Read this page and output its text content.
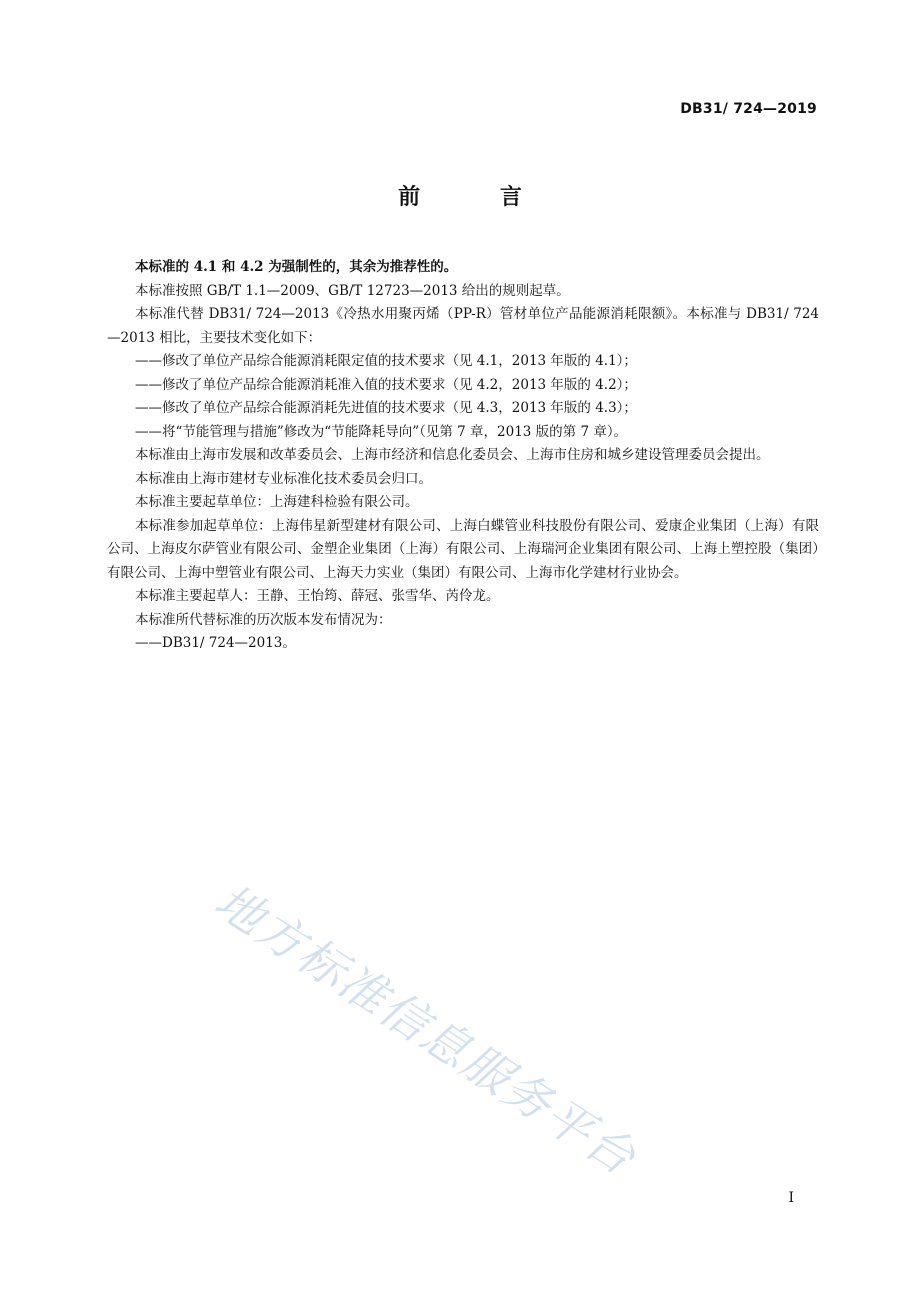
DB31/ 724—2019
前 言

本标准的 4.1 和 4.2 为强制性的，其余为推荐性的。

本标准按照 GB/T 1.1—2009、GB/T 12723—2013 给出的规则起草。

本标准代替 DB31/ 724—2013《冷热水用聚丙烯（PP-R）管材单位产品能源消耗限额》。本标准与 DB31/ 724—2013 相比，主要技术变化如下：

——修改了单位产品综合能源消耗限定值的技术要求（见 4.1，2013 年版的 4.1）；

——修改了单位产品综合能源消耗准入值的技术要求（见 4.2，2013 年版的 4.2）；

——修改了单位产品综合能源消耗先进值的技术要求（见 4.3，2013 年版的 4.3）；

——将“节能管理与措施”修改为“节能降耗导向”（见第 7 章，2013 版的第 7 章）。

本标准由上海市发展和改革委员会、上海市经济和信息化委员会、上海市住房和城乡建设管理委员会提出。

本标准由上海市建材专业标准化技术委员会归口。

本标准主要起草单位：上海建科检验有限公司。

本标准参加起草单位：上海伟星新型建材有限公司、上海白蝶管业科技股份有限公司、爱康企业集团（上海）有限公司、上海皮尔萨管业有限公司、金塑企业集团（上海）有限公司、上海瑞河企业集团有限公司、上海上塑控股（集团）有限公司、上海中塑管业有限公司、上海天力实业（集团）有限公司、上海市化学建材行业协会。

本标准主要起草人：王静、王怡筠、薛冠、张雪华、芮伶龙。

本标准所代替标准的历次版本发布情况为：

——DB31/ 724—2013。

地方标准信息服务平台
I
